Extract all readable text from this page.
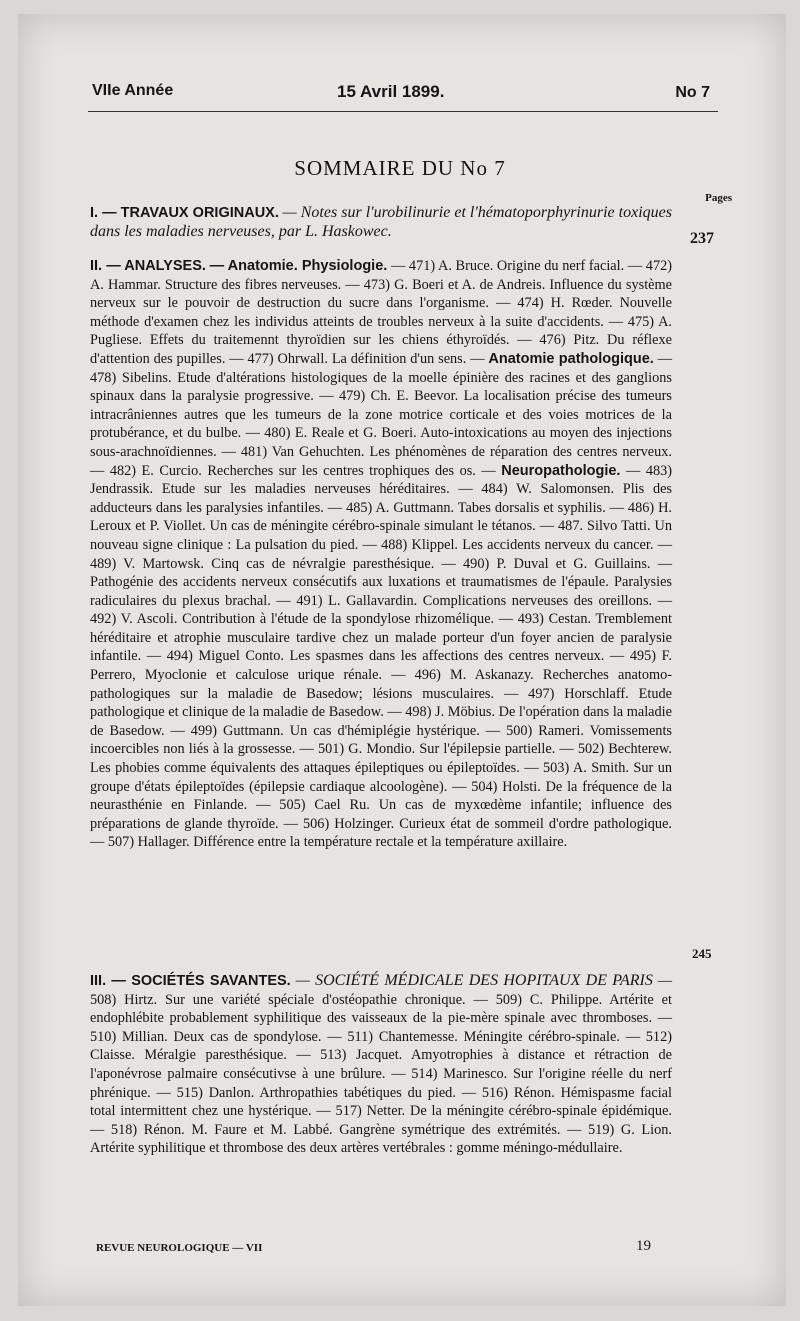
VIIe Année	15 Avril 1899.	No 7
SOMMAIRE DU No 7
Pages

I. — TRAVAUX ORIGINAUX. — Notes sur l'urobilinurie et l'hématoporphyrinurie toxiques dans les maladies nerveuses, par L. Haskowec.	237

II. — ANALYSES. — Anatomie. Physiologie. — 471) A. Bruce. Origine du nerf facial. — 472) A. Hammar. Structure des fibres nerveuses. — 473) G. Boeri et A. de Andreis. Influence du système nerveux sur le pouvoir de destruction du sucre dans l'organisme. — 474) H. Rœder. Nouvelle méthode d'examen chez les individus atteints de troubles nerveux à la suite d'accidents. — 475) A. Pugliese. Effets du traitemennt thyroïdien sur les chiens éthyroïdés. — 476) Pitz. Du réflexe d'attention des pupilles. — 477) Ohrwall. La définition d'un sens. — Anatomie pathologique. — 478) Sibelins. Etude d'altérations histologiques de la moelle épinière des racines et des ganglions spinaux dans la paralysie progressive. — 479) Ch. E. Beevor. La localisation précise des tumeurs intracrâniennes autres que les tumeurs de la zone motrice corticale et des voies motrices de la protubérance, et du bulbe. — 480) E. Reale et G. Boeri. Auto-intoxications au moyen des injections sous-arachnoïdiennes. — 481) Van Gehuchten. Les phénomènes de réparation des centres nerveux. — 482) E. Curcio. Recherches sur les centres trophiques des os. — Neuropathologie. — 483) Jendrassik. Etude sur les maladies nerveuses héréditaires. — 484) W. Salomonsen. Plis des adducteurs dans les paralysies infantiles. — 485) A. Guttmann. Tabes dorsalis et syphilis. — 486) H. Leroux et P. Viollet. Un cas de méningite cérébro-spinale simulant le tétanos. — 487. Silvo Tatti. Un nouveau signe clinique : La pulsation du pied. — 488) Klippel. Les accidents nerveux du cancer. — 489) V. Martowsk. Cinq cas de névralgie paresthésique. — 490) P. Duval et G. Guillains. — Pathogénie des accidents nerveux consécutifs aux luxations et traumatismes de l'épaule. Paralysies radiculaires du plexus brachal. — 491) L. Gallavardin. Complications nerveuses des oreillons. — 492) V. Ascoli. Contribution à l'étude de la spondylose rhizomélique. — 493) Cestan. Tremblement héréditaire et atrophie musculaire tardive chez un malade porteur d'un foyer ancien de paralysie infantile. — 494) Miguel Conto. Les spasmes dans les affections des centres nerveux. — 495) F. Perrero, Myoclonie et calculose urique rénale. — 496) M. Askanazy. Recherches anatomo-pathologiques sur la maladie de Basedow; lésions musculaires. — 497) Horschlaff. Etude pathologique et clinique de la maladie de Basedow. — 498) J. Möbius. De l'opération dans la maladie de Basedow. — 499) Guttmann. Un cas d'hémiplégie hystérique. — 500) Rameri. Vomissements incoercibles non liés à la grossesse. — 501) G. Mondio. Sur l'épilepsie partielle. — 502) Bechterew. Les phobies comme équivalents des attaques épileptiques ou épileptoïdes. — 503) A. Smith. Sur un groupe d'états épileptoïdes (épilepsie cardiaque alcoologène). — 504) Holsti. De la fréquence de la neurasthénie en Finlande. — 505) Cael Ru. Un cas de myxœdème infantile; influence des préparations de glande thyroïde. — 506) Holzinger. Curieux état de sommeil d'ordre pathologique. — 507) Hallager. Différence entre la température rectale et la température axillaire.

245

III. — SOCIÉTÉS SAVANTES. — SOCIÉTÉ MÉDICALE DES HOPITAUX DE PARIS — 508) Hirtz. Sur une variété spéciale d'ostéopathie chronique. — 509) C. Philippe. Artérite et endophlébite probablement syphilitique des vaisseaux de la pie-mère spinale avec thromboses. — 510) Millian. Deux cas de spondylose. — 511) Chantemesse. Méningite cérébro-spinale. — 512) Claisse. Méralgie paresthésique. — 513) Jacquet. Amyotrophies à distance et rétraction de l'aponévrose palmaire consécutivse à une brûlure. — 514) Marinesco. Sur l'origine réelle du nerf phrénique. — 515) Danlon. Arthropathies tabétiques du pied. — 516) Rénon. Hémispasme facial total intermittent chez une hystérique. — 517) Netter. De la méningite cérébro-spinale épidémique. — 518) Rénon. M. Faure et M. Labbé. Gangrène symétrique des extrémités. — 519) G. Lion. Artérite syphilitique et thrombose des deux artères vertébrales : gomme méningo-médullaire.

REVUE NEUROLOGIQUE — VII	19
